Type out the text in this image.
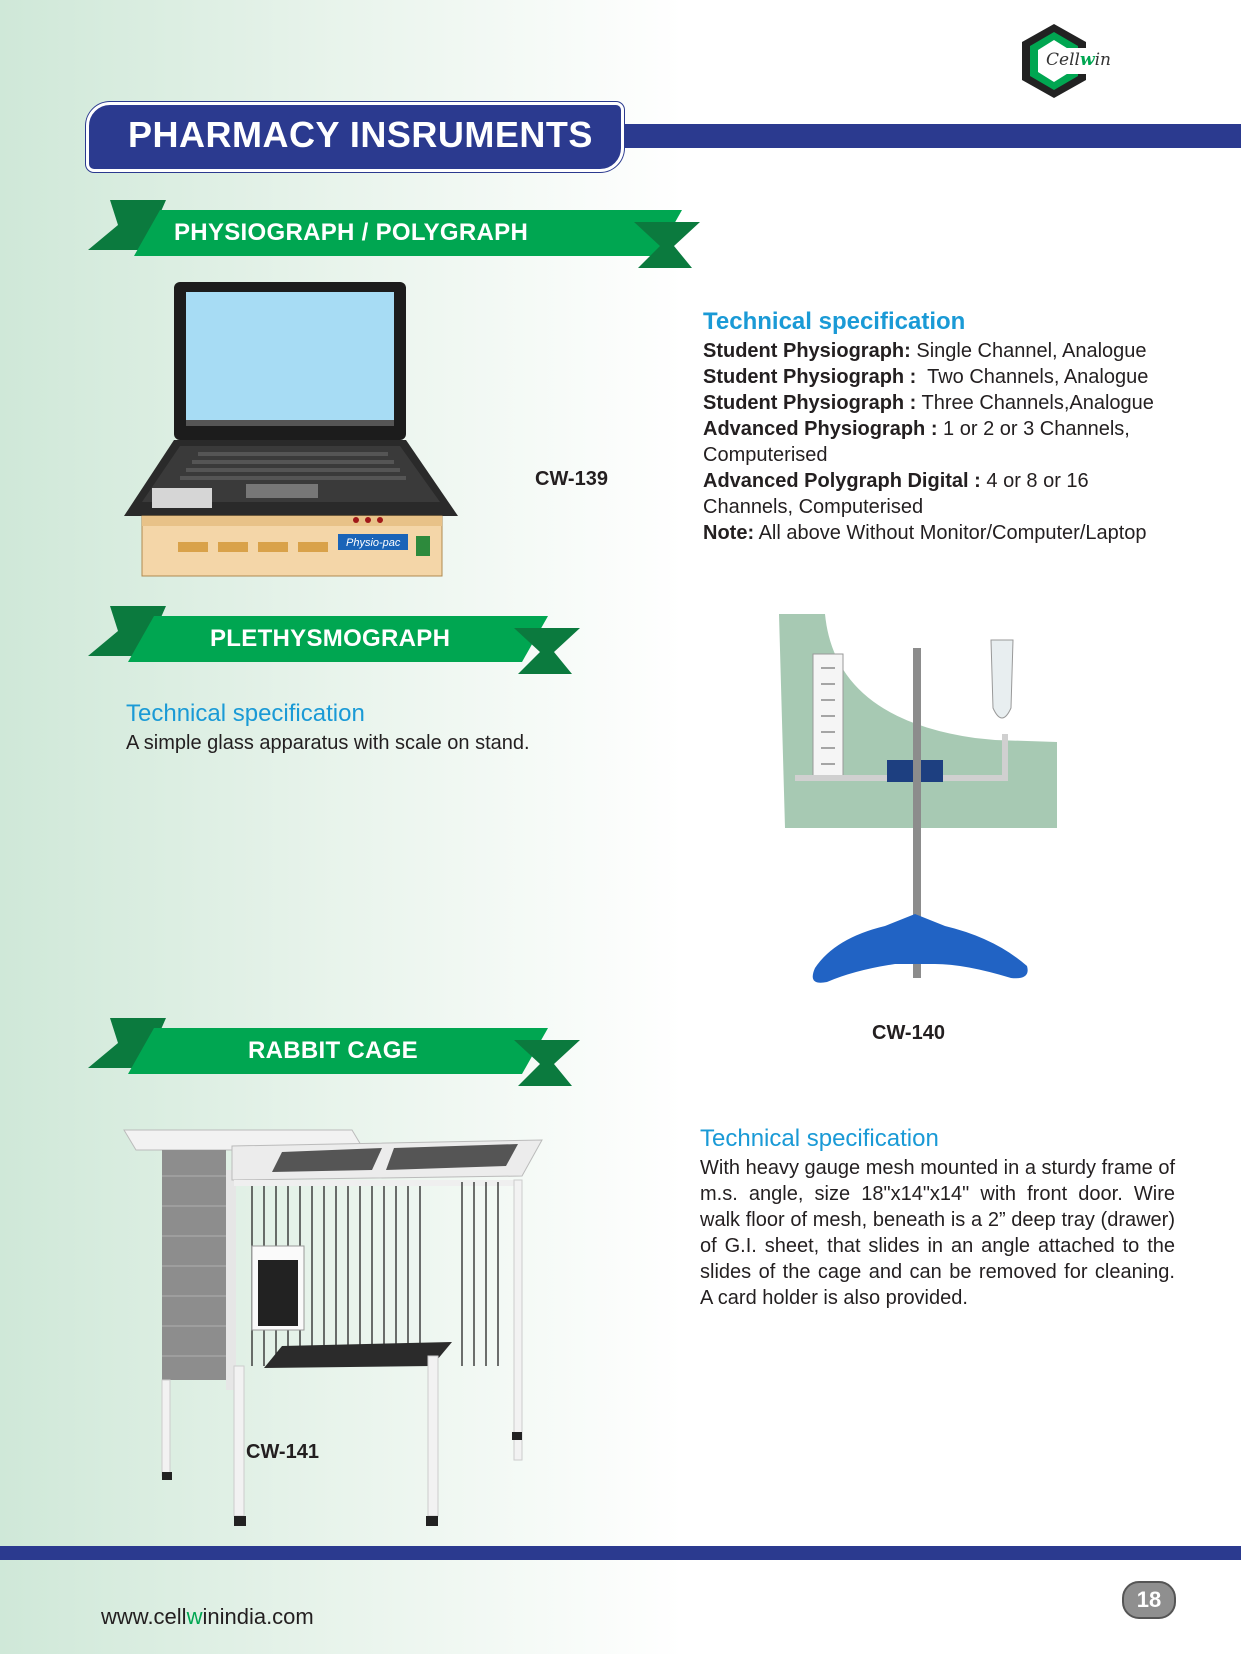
Cellwin
PHARMACY INSRUMENTS
PHYSIOGRAPH / POLYGRAPH
Physio-pac
CW-139
Technical specification
Student Physiograph: Single Channel, Analogue
Student Physiograph :  Two Channels, Analogue
Student Physiograph : Three Channels,Analogue
Advanced Physiograph : 1 or 2 or 3 Channels,
Computerised
Advanced Polygraph Digital : 4 or 8 or 16
Channels, Computerised
Note: All above Without Monitor/Computer/Laptop
PLETHYSMOGRAPH
Technical specification
A simple glass apparatus with scale on stand.
CW-140
RABBIT CAGE
CW-141
Technical specification
With heavy gauge mesh mounted in a sturdy frame of m.s. angle, size 18"x14"x14" with front door. Wire walk floor of mesh, beneath is a 2” deep tray (drawer) of G.I. sheet, that slides in an angle attached to the slides of the cage and can be removed for cleaning. A card holder is also provided.
www.cellwinindia.com
18
